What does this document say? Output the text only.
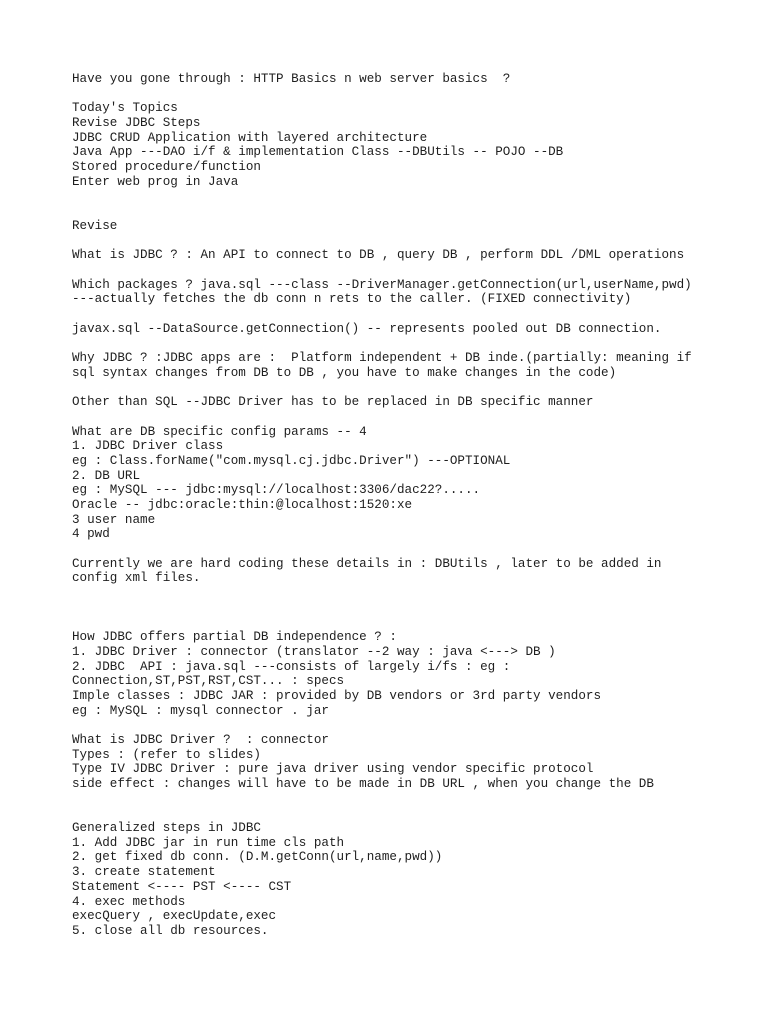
Have you gone through : HTTP Basics n web server basics  ?
Today's Topics
Revise JDBC Steps
JDBC CRUD Application with layered architecture
Java App ---DAO i/f & implementation Class --DBUtils -- POJO --DB
Stored procedure/function
Enter web prog in Java
Revise
What is JDBC ? : An API to connect to DB , query DB , perform DDL /DML operations
Which packages ? java.sql ---class --DriverManager.getConnection(url,userName,pwd)
---actually fetches the db conn n rets to the caller. (FIXED connectivity)
javax.sql --DataSource.getConnection() -- represents pooled out DB connection.
Why JDBC ? :JDBC apps are :  Platform independent + DB inde.(partially: meaning if
sql syntax changes from DB to DB , you have to make changes in the code)
Other than SQL --JDBC Driver has to be replaced in DB specific manner
What are DB specific config params -- 4
1. JDBC Driver class
eg : Class.forName("com.mysql.cj.jdbc.Driver") ---OPTIONAL
2. DB URL
eg : MySQL --- jdbc:mysql://localhost:3306/dac22?.....
Oracle -- jdbc:oracle:thin:@localhost:1520:xe
3 user name
4 pwd
Currently we are hard coding these details in : DBUtils , later to be added in
config xml files.
How JDBC offers partial DB independence ? :
1. JDBC Driver : connector (translator --2 way : java <---> DB )
2. JDBC  API : java.sql ---consists of largely i/fs : eg :
Connection,ST,PST,RST,CST... : specs
Imple classes : JDBC JAR : provided by DB vendors or 3rd party vendors
eg : MySQL : mysql connector . jar
What is JDBC Driver ?  : connector
Types : (refer to slides)
Type IV JDBC Driver : pure java driver using vendor specific protocol
side effect : changes will have to be made in DB URL , when you change the DB
Generalized steps in JDBC
1. Add JDBC jar in run time cls path
2. get fixed db conn. (D.M.getConn(url,name,pwd))
3. create statement
Statement <---- PST <---- CST
4. exec methods
execQuery , execUpdate,exec
5. close all db resources.
